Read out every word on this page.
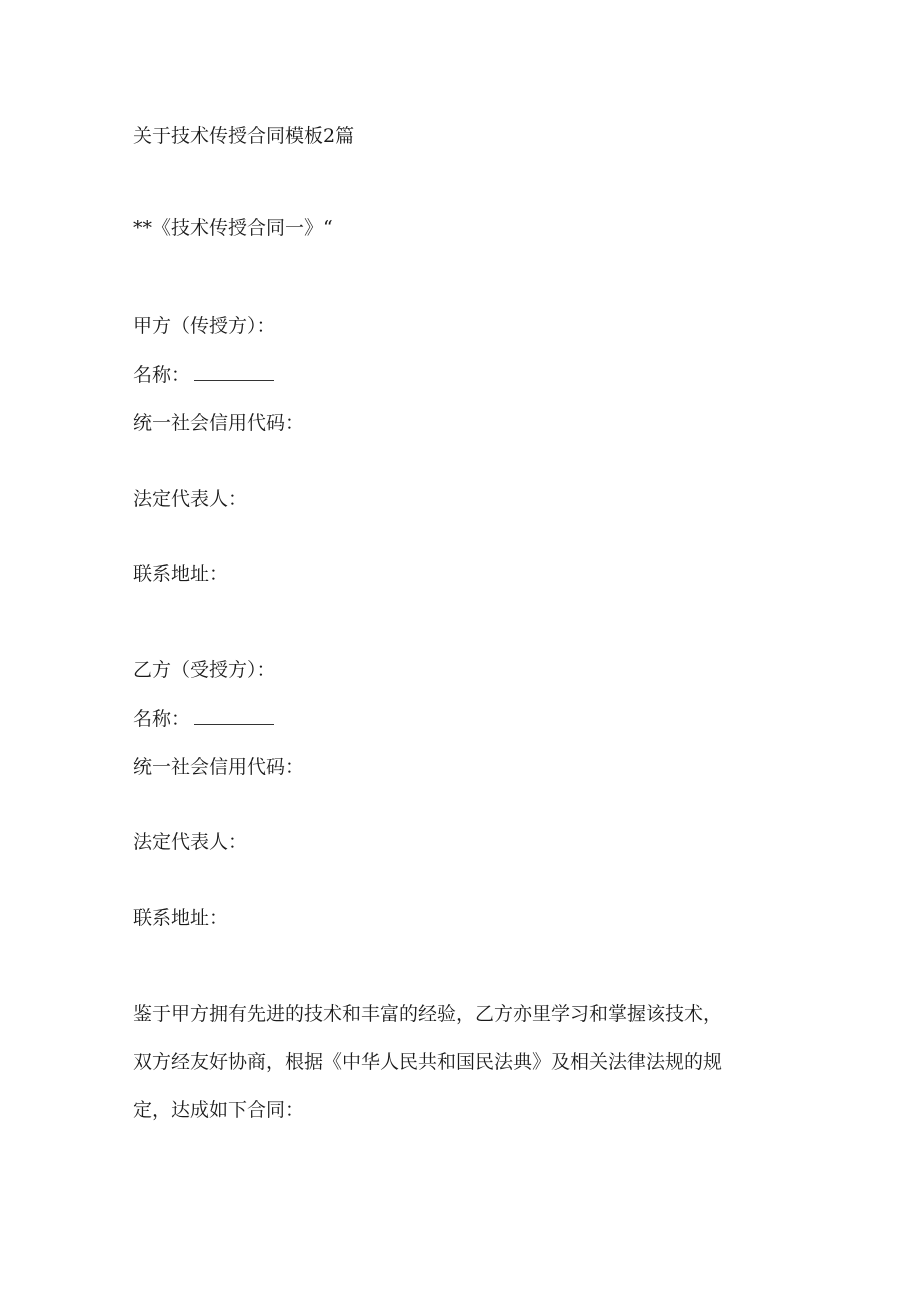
关于技术传授合同模板2篇
**《技术传授合同一》“
甲方（传授方）：
名称：
统一社会信用代码：
法定代表人：
联系地址：
乙方（受授方）：
名称：
统一社会信用代码：
法定代表人：
联系地址：
鉴于甲方拥有先进的技术和丰富的经验，乙方亦里学习和掌握该技术，
双方经友好协商，根据《中华人民共和国民法典》及相关法律法规的规
定，达成如下合同：
